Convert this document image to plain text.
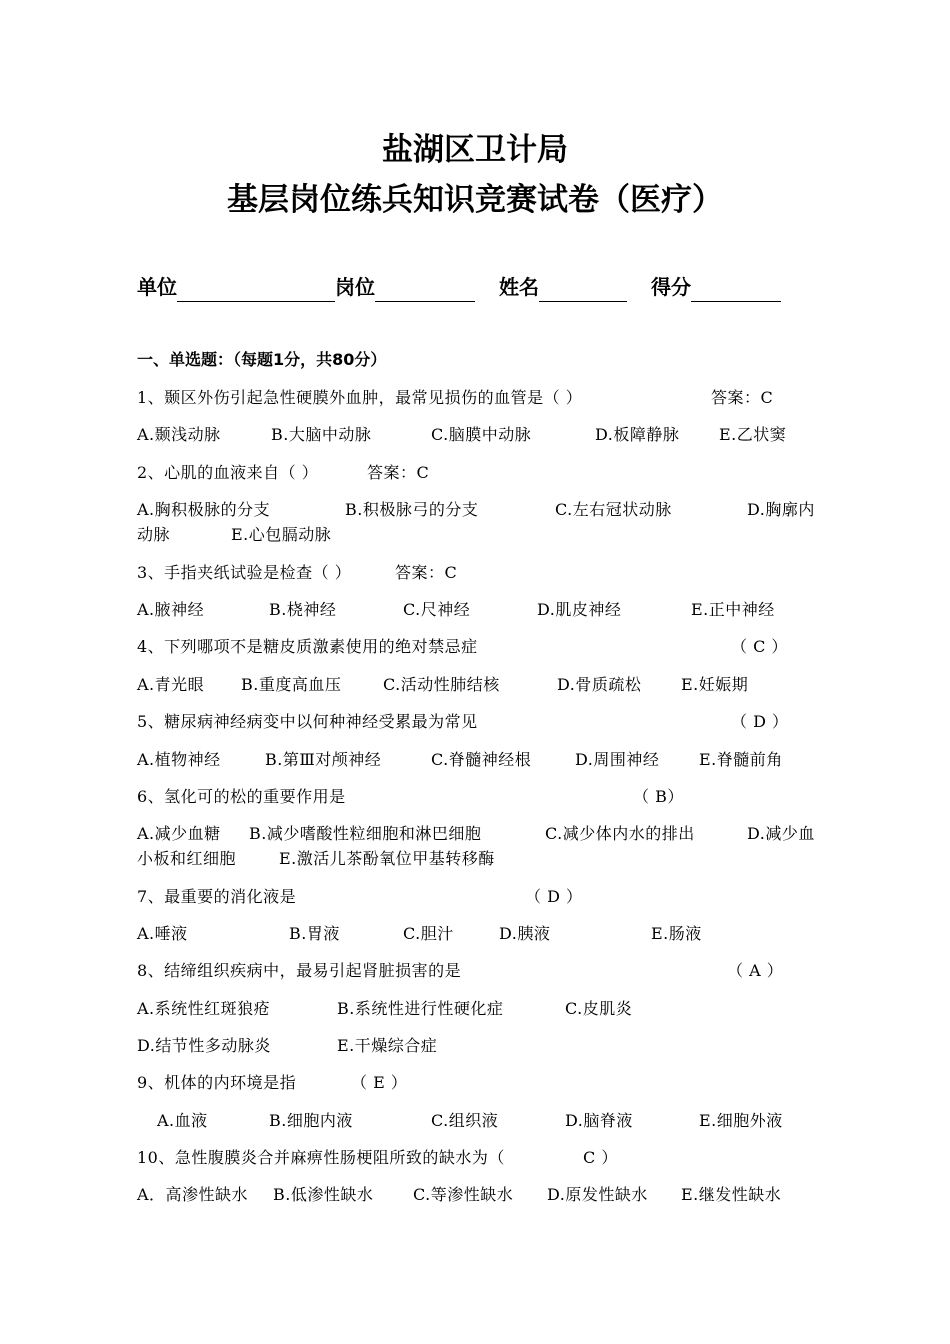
盐湖区卫计局
基层岗位练兵知识竞赛试卷（医疗）
单位	岗位	姓名	得分
一、单选题：（每题1分，共80分）
1、颞区外伤引起急性硬膜外血肿，最常见损伤的血管是（ ）	答案：C
A.颞浅动脉	B.大脑中动脉	C.脑膜中动脉	D.板障静脉 E.乙状窦
2、心肌的血液来自（ ）	答案：C
A.胸积极脉的分支	B.积极脉弓的分支	C.左右冠状动脉	D.胸廓内
动脉	E.心包膈动脉
3、手指夹纸试验是检查（ ）	答案：C
A.腋神经	B.桡神经	C.尺神经	D.肌皮神经	E.正中神经
4、下列哪项不是糖皮质激素使用的绝对禁忌症	（ C ）
A.青光眼 B.重度高血压	C.活动性肺结核	D.骨质疏松 E.妊娠期
5、糖尿病神经病变中以何种神经受累最为常见	（ D ）
A.植物神经	B.第Ⅲ对颅神经	C.脊髓神经根	D.周围神经 E.脊髓前角
6、氢化可的松的重要作用是	（ B）
A.减少血糖 B.减少嗜酸性粒细胞和淋巴细胞	C.减少体内水的排出	D.减少血
小板和红细胞	E.激活儿茶酚氧位甲基转移酶
7、最重要的消化液是	（ D ）
A.唾液	B.胃液	C.胆汁	D.胰液	E.肠液
8、结缔组织疾病中，最易引起肾脏损害的是	（ A ）
A.系统性红斑狼疮	B.系统性进行性硬化症	C.皮肌炎
D.结节性多动脉炎	E.干燥综合症
9、机体的内环境是指	（ E ）
A.血液	B.细胞内液	C.组织液	D.脑脊液	E.细胞外液
10、急性腹膜炎合并麻痹性肠梗阻所致的缺水为（	C ）
A．高渗性缺水 B.低渗性缺水 C.等渗性缺水 D.原发性缺水 E.继发性缺水
